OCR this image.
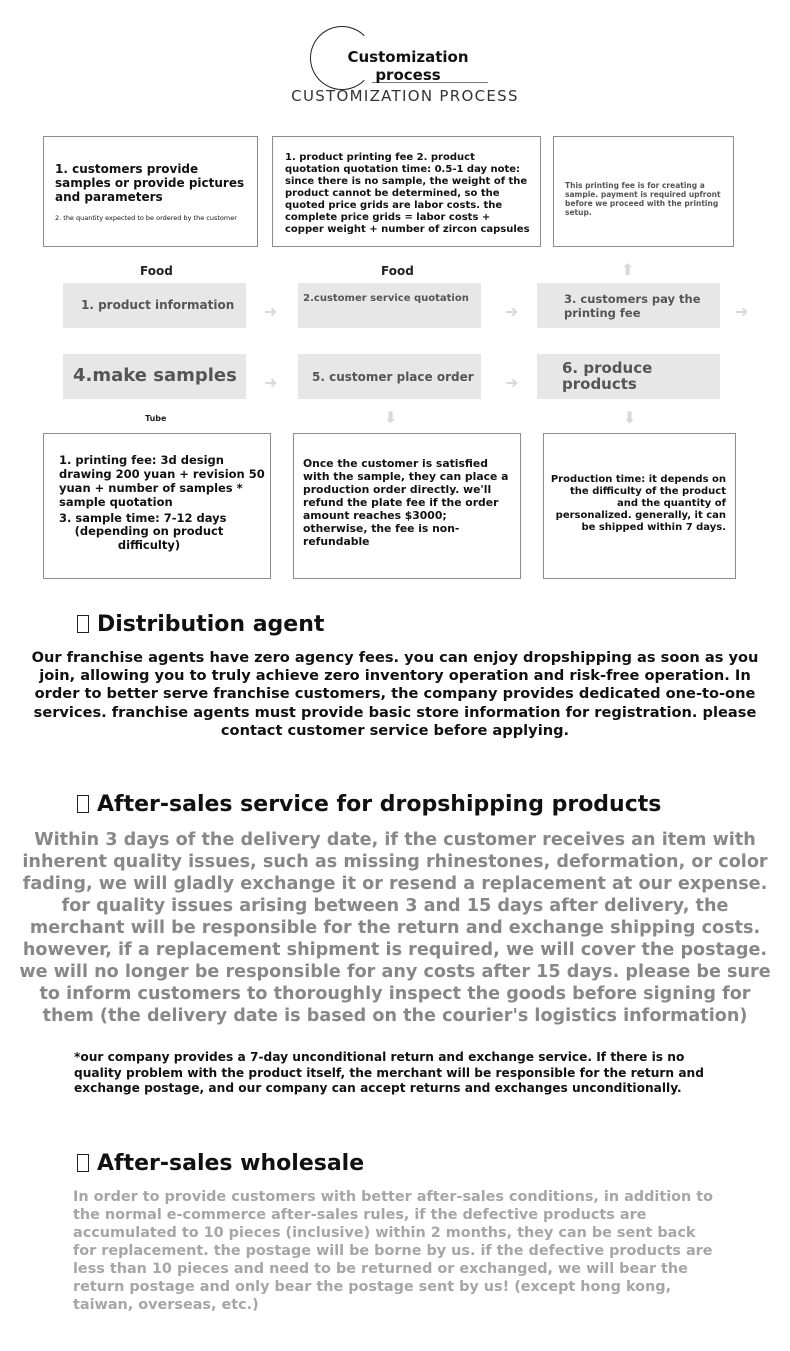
Customization process
CUSTOMIZATION PROCESS
1. customers provide samples or provide pictures and parameters
2. the quantity expected to be ordered by the customer
1. product printing fee 2. product quotation quotation time: 0.5-1 day note: since there is no sample, the weight of the product cannot be determined, so the quoted price grids are labor costs. the complete price grids = labor costs + copper weight + number of zircon capsules
This printing fee is for creating a sample. payment is required upfront before we proceed with the printing setup.
⬆
Food	Food
1. product information ➜
2.customer service quotation
➜
3. customers pay the printing fee	➜
4.make samples ➜	5. customer place order ➜
6. produce products
Tube	⬇	⬇
1. printing fee: 3d design drawing 200 yuan + revision 50 yuan + number of samples * sample quotation
3. sample time: 7-12 days
(depending on product difficulty)
Once the customer is satisfied with the sample, they can place a production order directly. we'll refund the plate fee if the order amount reaches $3000; otherwise, the fee is non-refundable
Production time: it depends on the difficulty of the product and the quantity of personalized. generally, it can be shipped within 7 days.
Distribution agent
Our franchise agents have zero agency fees. you can enjoy dropshipping as soon as you join, allowing you to truly achieve zero inventory operation and risk-free operation. In order to better serve franchise customers, the company provides dedicated one-to-one services. franchise agents must provide basic store information for registration. please contact customer service before applying.
After-sales service for dropshipping products
Within 3 days of the delivery date, if the customer receives an item with inherent quality issues, such as missing rhinestones, deformation, or color fading, we will gladly exchange it or resend a replacement at our expense. for quality issues arising between 3 and 15 days after delivery, the merchant will be responsible for the return and exchange shipping costs. however, if a replacement shipment is required, we will cover the postage. we will no longer be responsible for any costs after 15 days. please be sure to inform customers to thoroughly inspect the goods before signing for them (the delivery date is based on the courier's logistics information)
*our company provides a 7-day unconditional return and exchange service. If there is no quality problem with the product itself, the merchant will be responsible for the return and exchange postage, and our company can accept returns and exchanges unconditionally.
After-sales wholesale
In order to provide customers with better after-sales conditions, in addition to the normal e-commerce after-sales rules, if the defective products are accumulated to 10 pieces (inclusive) within 2 months, they can be sent back for replacement. the postage will be borne by us. if the defective products are less than 10 pieces and need to be returned or exchanged, we will bear the return postage and only bear the postage sent by us! (except hong kong, taiwan, overseas, etc.)
